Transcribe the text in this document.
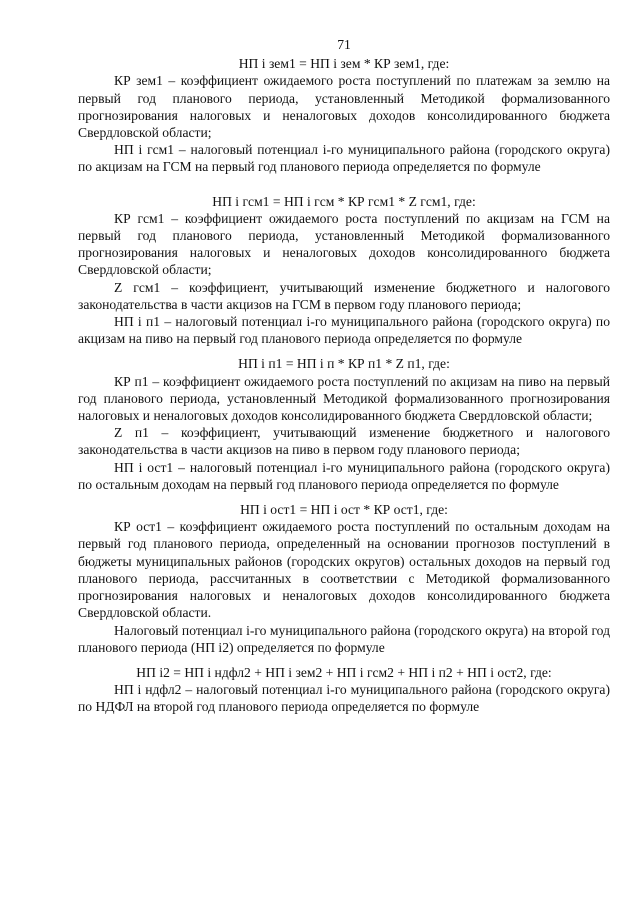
71

НП і зем1 = НП і зем * КР зем1, где:

КР зем1 – коэффициент ожидаемого роста поступлений по платежам за землю на первый год планового периода, установленный Методикой формализованного прогнозирования налоговых и неналоговых доходов консолидированного бюджета Свердловской области;

НП і гсм1 – налоговый потенциал і-го муниципального района (городского округа) по акцизам на ГСМ на первый год планового периода определяется по формуле

НП і гсм1 = НП і гсм * КР гсм1 * Z гсм1, где:

КР гсм1 – коэффициент ожидаемого роста поступлений по акцизам на ГСМ на первый год планового периода, установленный Методикой формализованного прогнозирования налоговых и неналоговых доходов консолидированного бюджета Свердловской области;

Z гсм1 – коэффициент, учитывающий изменение бюджетного и налогового законодательства в части акцизов на ГСМ в первом году планового периода;

НП і п1 – налоговый потенциал і-го муниципального района (городского округа) по акцизам на пиво на первый год планового периода определяется по формуле

НП і п1 = НП і п * КР п1 * Z п1, где:

КР п1 – коэффициент ожидаемого роста поступлений по акцизам на пиво на первый год планового периода, установленный Методикой формализованного прогнозирования налоговых и неналоговых доходов консолидированного бюджета Свердловской области;

Z п1 – коэффициент, учитывающий изменение бюджетного и налогового законодательства в части акцизов на пиво в первом году планового периода;

НП і ост1 – налоговый потенциал і-го муниципального района (городского округа) по остальным доходам на первый год планового периода определяется по формуле

НП і ост1 = НП і ост * КР ост1, где:

КР ост1 – коэффициент ожидаемого роста поступлений по остальным доходам на первый год планового периода, определенный на основании прогнозов поступлений в бюджеты муниципальных районов (городских округов) остальных доходов на первый год планового периода, рассчитанных в соответствии с Методикой формализованного прогнозирования налоговых и неналоговых доходов консолидированного бюджета Свердловской области.

Налоговый потенциал і-го муниципального района (городского округа) на второй год планового периода (НП і2) определяется по формуле

НП і2 = НП і ндфл2 + НП і зем2 + НП і гсм2 + НП і п2 + НП і ост2, где:

НП і ндфл2 – налоговый потенциал і-го муниципального района (городского округа) по НДФЛ на второй год планового периода определяется по формуле
